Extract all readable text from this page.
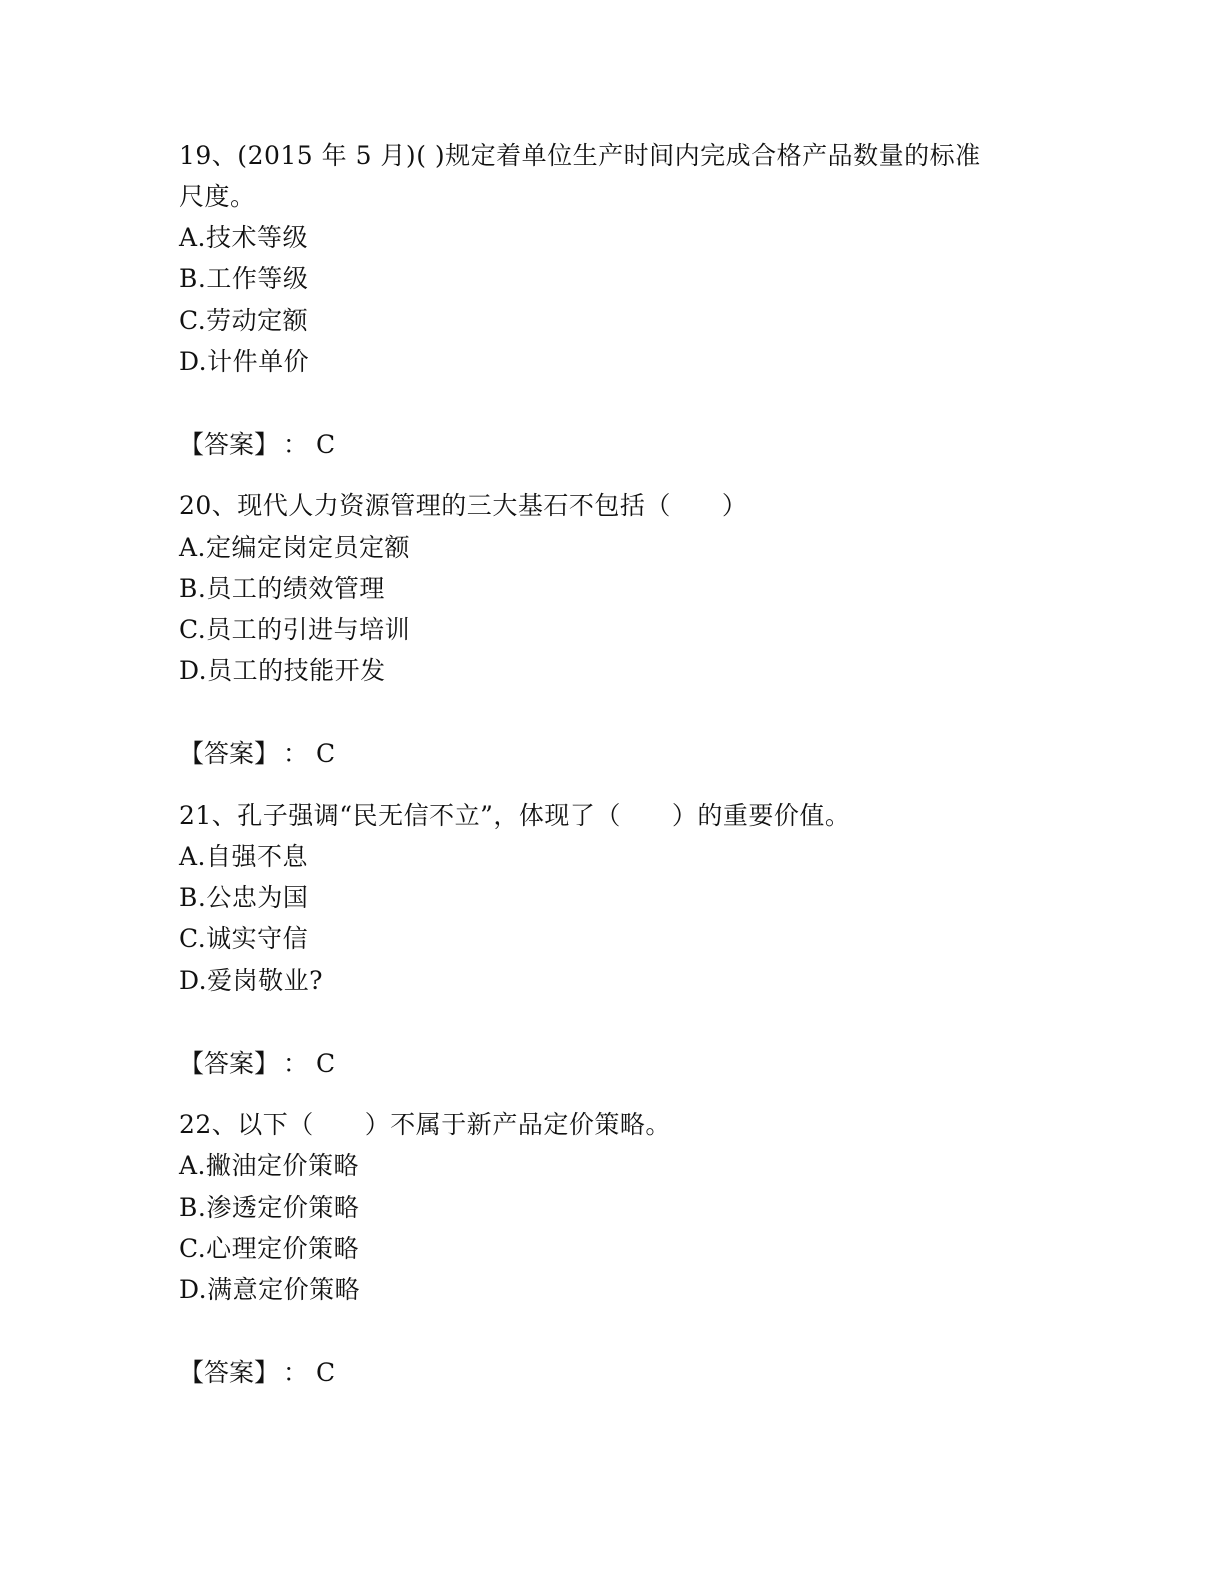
19、(2015 年 5 月)( )规定着单位生产时间内完成合格产品数量的标准
尺度。
A.技术等级
B.工作等级
C.劳动定额
D.计件单价
【答案】 ： C
20、现代人力资源管理的三大基石不包括（　　）
A.定编定岗定员定额
B.员工的绩效管理
C.员工的引进与培训
D.员工的技能开发
【答案】 ： C
21、孔子强调“民无信不立”，体现了（　　）的重要价值。
A.自强不息
B.公忠为国
C.诚实守信
D.爱岗敬业?
【答案】 ： C
22、以下（　　）不属于新产品定价策略。
A.撇油定价策略
B.渗透定价策略
C.心理定价策略
D.满意定价策略
【答案】 ： C
